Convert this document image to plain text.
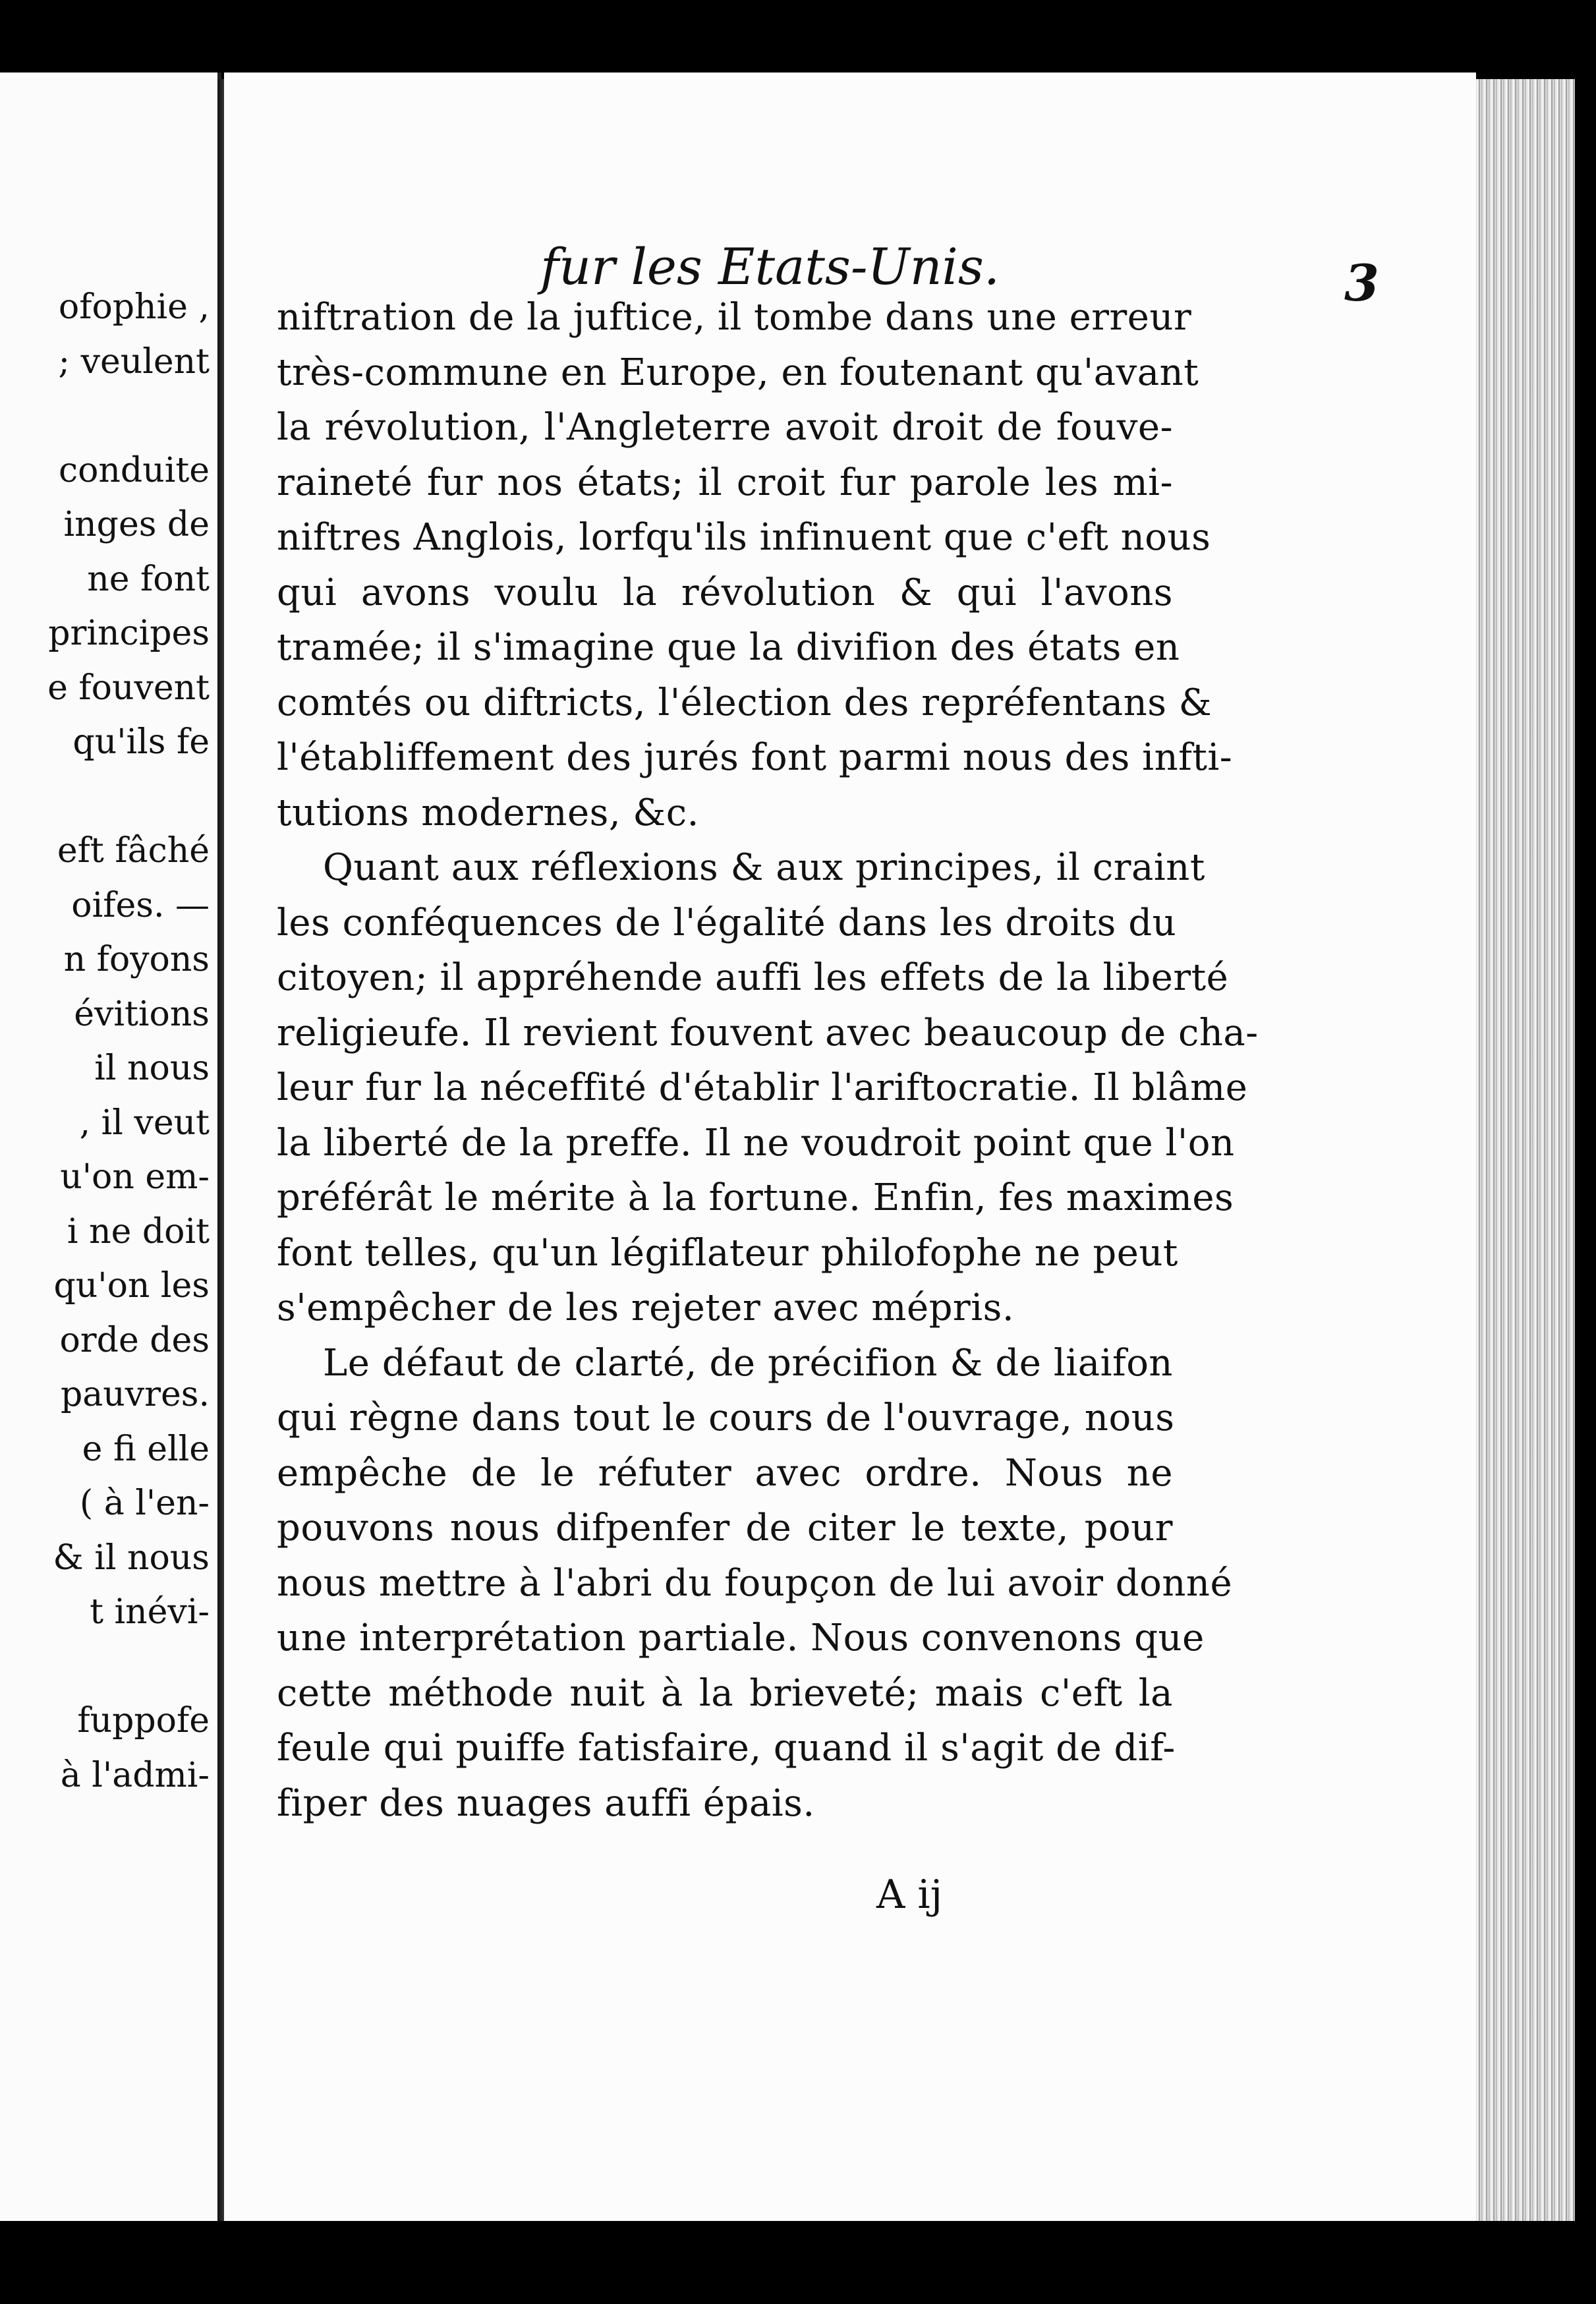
ofophie ,
; veulent
conduite
inges de
ne font
principes
e fouvent
qu'ils fe
eft fâché
oifes. —
n foyons
évitions
il nous
, il veut
u'on em-
i ne doit
qu'on les
orde des
pauvres.
e fi elle
( à l'en-
& il nous
t inévi-
fuppofe
à l'admi-
fur les Etats-Unis.	3
niftration de la juftice, il tombe dans une erreur
très-commune en Europe, en foutenant qu'avant
la révolution, l'Angleterre avoit droit de fouve-
raineté fur nos états; il croit fur parole les mi-
niftres Anglois, lorfqu'ils infinuent que c'eft nous
qui avons voulu la révolution & qui l'avons
tramée; il s'imagine que la divifion des états en
comtés ou diftricts, l'élection des repréfentans &
l'établiffement des jurés font parmi nous des infti-
tutions modernes, &c.
Quant aux réflexions & aux principes, il craint
les conféquences de l'égalité dans les droits du
citoyen; il appréhende auffi les effets de la liberté
religieufe. Il revient fouvent avec beaucoup de cha-
leur fur la néceffité d'établir l'ariftocratie. Il blâme
la liberté de la preffe. Il ne voudroit point que l'on
préférât le mérite à la fortune. Enfin, fes maximes
font telles, qu'un légiflateur philofophe ne peut
s'empêcher de les rejeter avec mépris.
Le défaut de clarté, de précifion & de liaifon
qui règne dans tout le cours de l'ouvrage, nous
empêche de le réfuter avec ordre. Nous ne
pouvons nous difpenfer de citer le texte, pour
nous mettre à l'abri du foupçon de lui avoir donné
une interprétation partiale. Nous convenons que
cette méthode nuit à la brieveté; mais c'eft la
feule qui puiffe fatisfaire, quand il s'agit de dif-
fiper des nuages auffi épais.
A ij
